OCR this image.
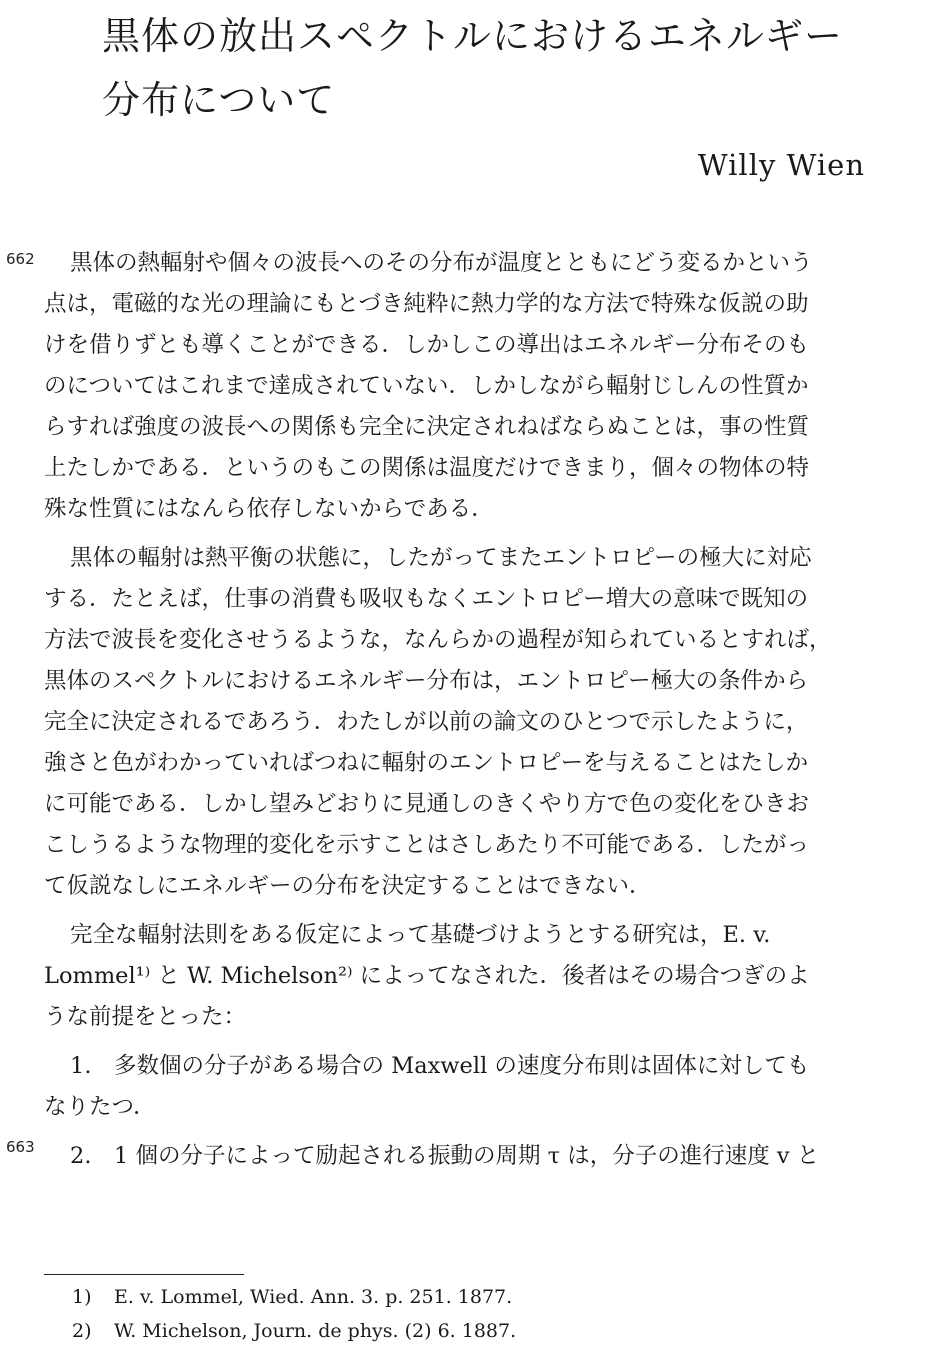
黒体の放出スペクトルにおけるエネルギー
分布について
Willy Wien
662
663

黒体の熱輻射や個々の波長へのその分布が温度とともにどう変るかという
点は，電磁的な光の理論にもとづき純粋に熱力学的な方法で特殊な仮説の助
けを借りずとも導くことができる．しかしこの導出はエネルギー分布そのも
のについてはこれまで達成されていない．しかしながら輻射じしんの性質か
らすれば強度の波長への関係も完全に決定されねばならぬことは，事の性質
上たしかである．というのもこの関係は温度だけできまり，個々の物体の特
殊な性質にはなんら依存しないからである．

黒体の輻射は熱平衡の状態に，したがってまたエントロピーの極大に対応
する．たとえば，仕事の消費も吸収もなくエントロピー増大の意味で既知の
方法で波長を変化させうるような，なんらかの過程が知られているとすれば，
黒体のスペクトルにおけるエネルギー分布は，エントロピー極大の条件から
完全に決定されるであろう．わたしが以前の論文のひとつで示したように，
強さと色がわかっていればつねに輻射のエントロピーを与えることはたしか
に可能である．しかし望みどおりに見通しのきくやり方で色の変化をひきお
こしうるような物理的変化を示すことはさしあたり不可能である．したがっ
て仮説なしにエネルギーの分布を決定することはできない．

完全な輻射法則をある仮定によって基礎づけようとする研究は，E. v.
Lommel¹⁾ と W. Michelson²⁾ によってなされた．後者はその場合つぎのよ
うな前提をとった：

1. 多数個の分子がある場合の Maxwell の速度分布則は固体に対しても
なりたつ．

2. 1 個の分子によって励起される振動の周期 τ は，分子の進行速度 v と

1) E. v. Lommel, Wied. Ann. 3. p. 251. 1877.
2) W. Michelson, Journ. de phys. (2) 6. 1887.
